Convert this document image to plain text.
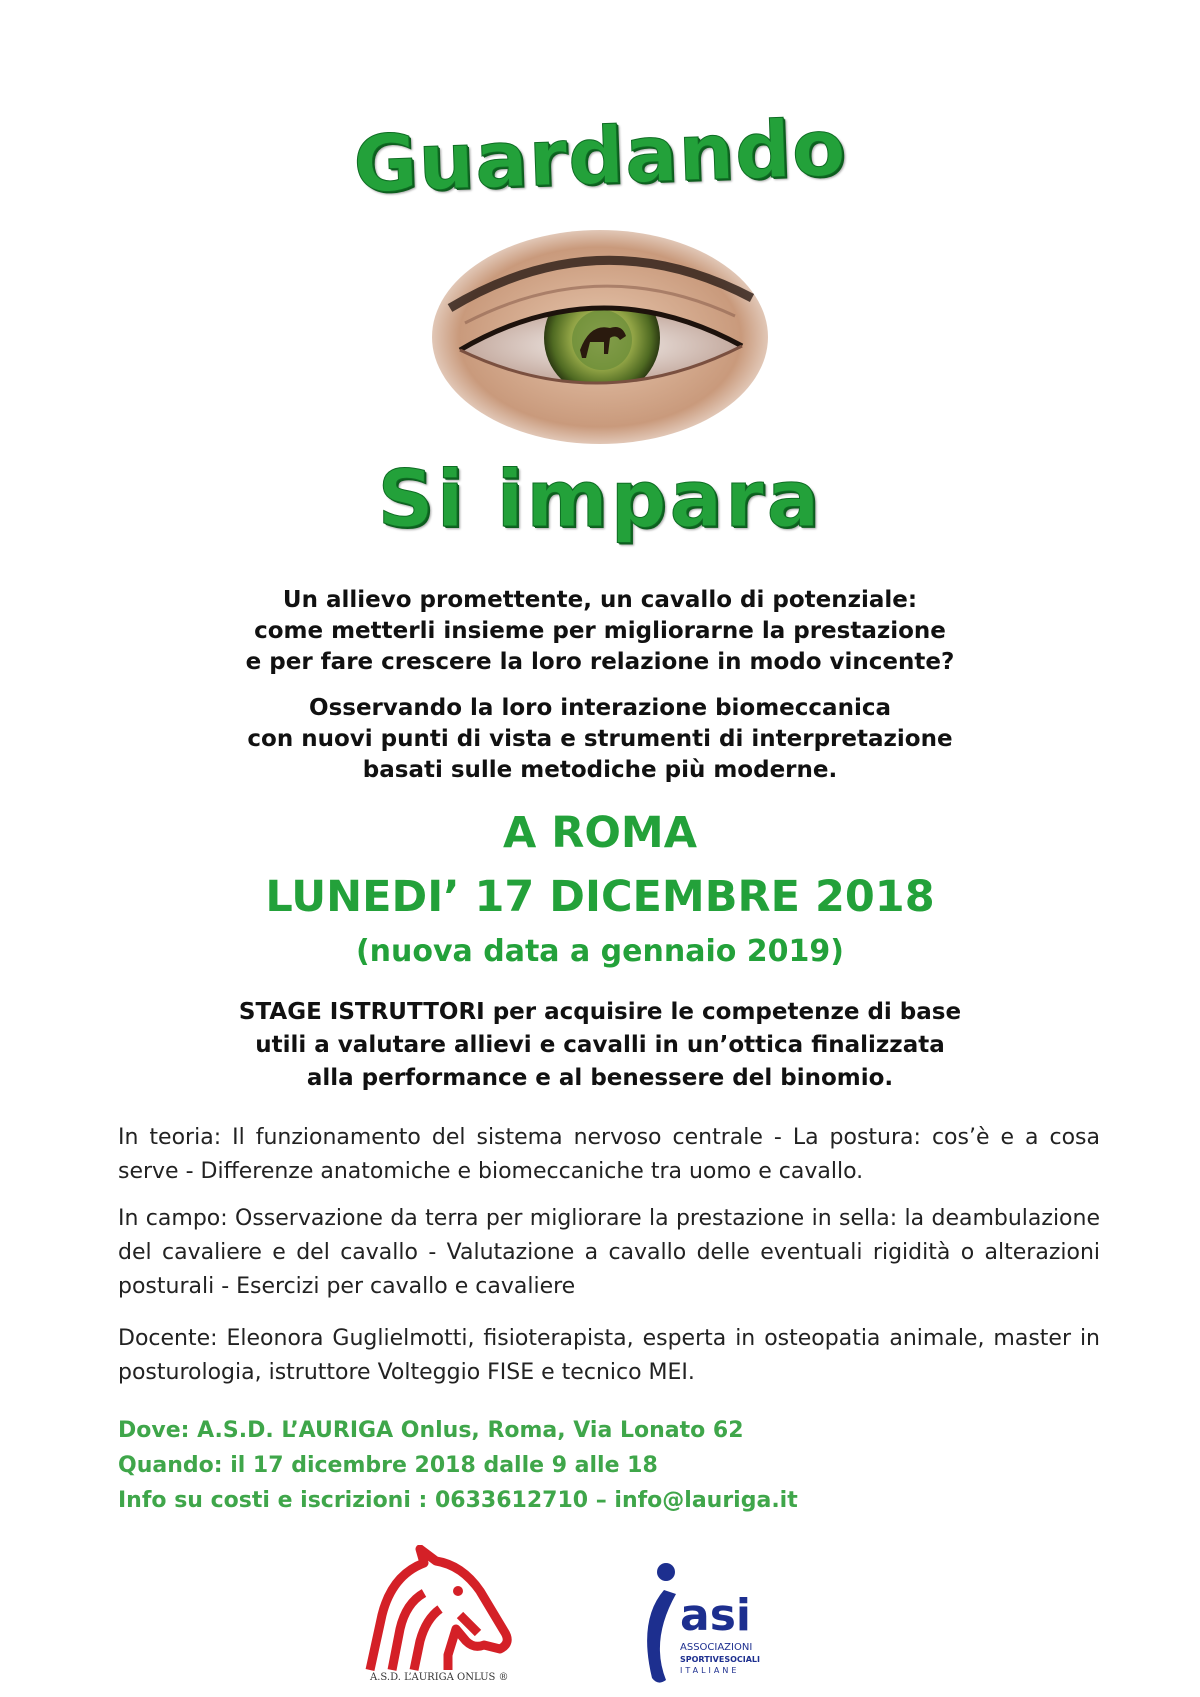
Guardando
Si impara
Un allievo promettente, un cavallo di potenziale:
come metterli insieme per migliorarne la prestazione
e per fare crescere la loro relazione in modo vincente?
Osservando la loro interazione biomeccanica
con nuovi punti di vista e strumenti di interpretazione
basati sulle metodiche più moderne.
A ROMA
LUNEDI’ 17 DICEMBRE 2018
(nuova data a gennaio 2019)
STAGE ISTRUTTORI per acquisire le competenze di base
utili a valutare allievi e cavalli in un’ottica finalizzata
alla performance e al benessere del binomio.
In teoria: Il funzionamento del sistema nervoso centrale - La postura: cos’è e a cosa serve - Differenze anatomiche e biomeccaniche tra uomo e cavallo.
In campo: Osservazione da terra per migliorare la prestazione in sella: la deambulazione del cavaliere e del cavallo - Valutazione a cavallo delle eventuali rigidità o alterazioni posturali - Esercizi per cavallo e cavaliere
Docente: Eleonora Guglielmotti, fisioterapista, esperta in osteopatia animale, master in posturologia, istruttore Volteggio FISE e tecnico MEI.
Dove: A.S.D. L’AURIGA Onlus, Roma, Via Lonato 62
Quando: il 17 dicembre 2018 dalle 9 alle 18
Info su costi e iscrizioni : 0633612710 – info@lauriga.it
A.S.D. L’AURIGA ONLUS ®
asi
ASSOCIAZIONI
SPORTIVESOCIALI
ITALIANE
